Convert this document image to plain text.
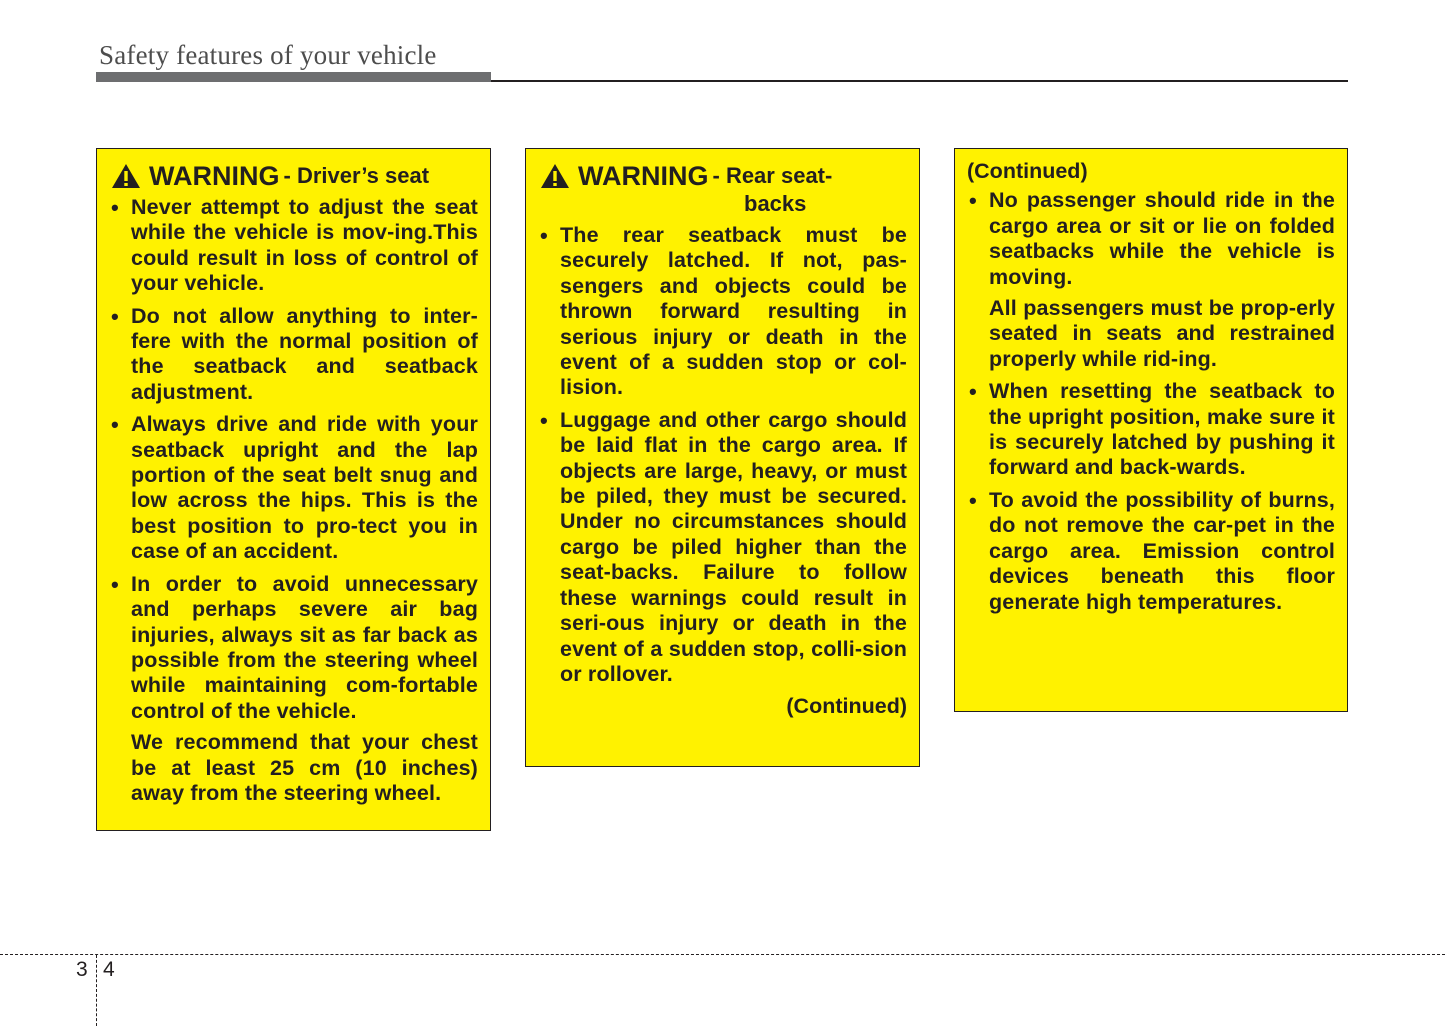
Safety features of your vehicle
WARNING - Driver’s seat
• Never attempt to adjust the seat while the vehicle is mov-ing.This could result in loss of control of your vehicle.
• Do not allow anything to inter-fere with the normal position of the seatback and seatback adjustment.
• Always drive and ride with your seatback upright and the lap portion of the seat belt snug and low across the hips. This is the best position to pro-tect you in case of an accident.
• In order to avoid unnecessary and perhaps severe air bag injuries, always sit as far back as possible from the steering wheel while maintaining com-fortable control of the vehicle.
We recommend that your chest be at least 25 cm (10 inches) away from the steering wheel.
WARNING - Rear seat-
backs
• The rear seatback must be securely latched. If not, pas-sengers and objects could be thrown forward resulting in serious injury or death in the event of a sudden stop or col-lision.
• Luggage and other cargo should be laid flat in the cargo area. If objects are large, heavy, or must be piled, they must be secured. Under no circumstances should cargo be piled higher than the seat-backs. Failure to follow these warnings could result in seri-ous injury or death in the event of a sudden stop, colli-sion or rollover.
(Continued)
(Continued)
• No passenger should ride in the cargo area or sit or lie on folded seatbacks while the vehicle is moving.
All passengers must be prop-erly seated in seats and restrained properly while rid-ing.
• When resetting the seatback to the upright position, make sure it is securely latched by pushing it forward and back-wards.
• To avoid the possibility of burns, do not remove the car-pet in the cargo area. Emission control devices beneath this floor generate high temperatures.
3 4
